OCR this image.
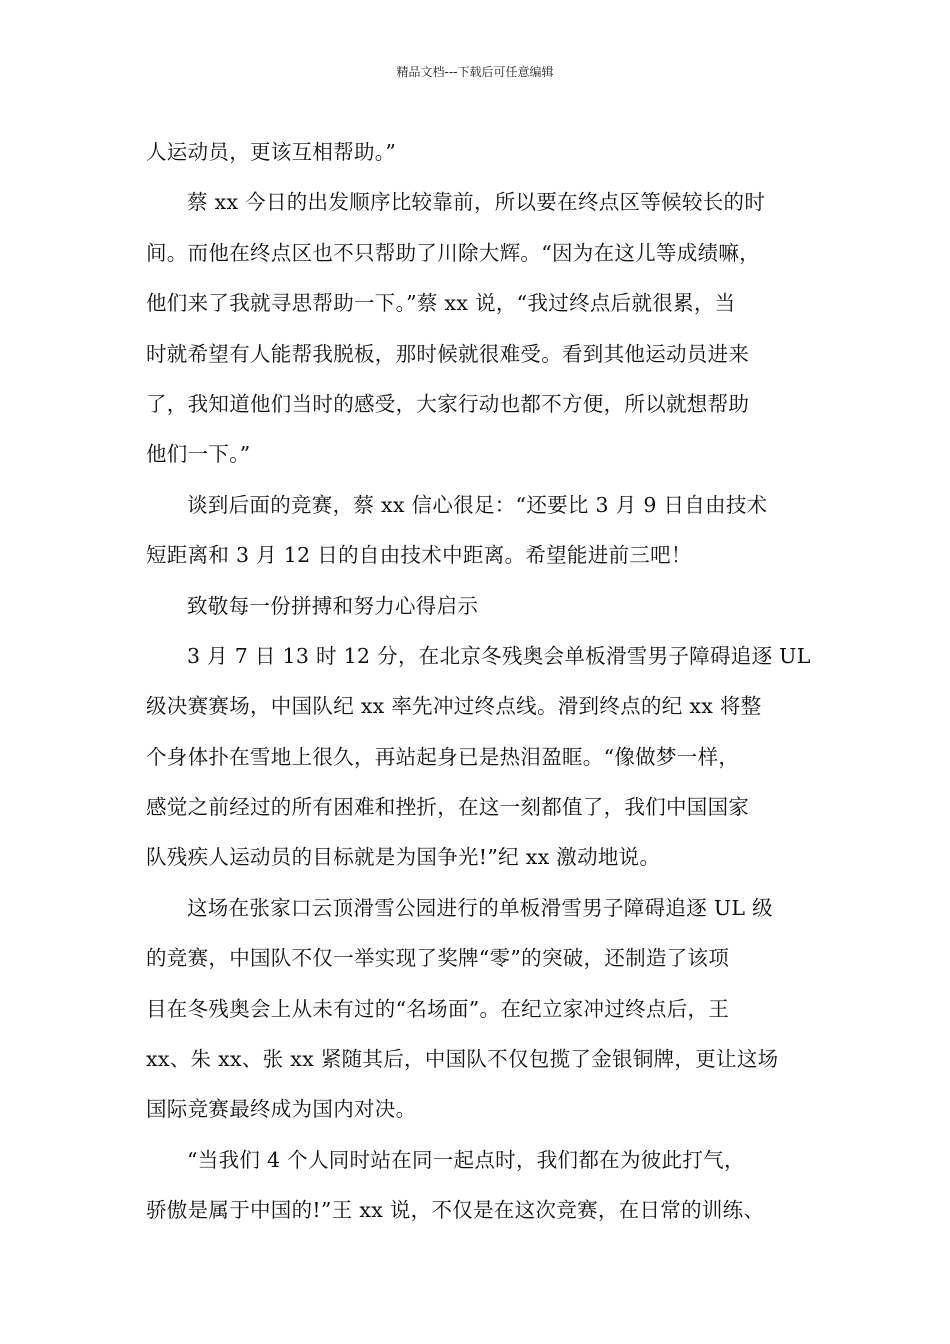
精品文档---下载后可任意编辑
人运动员，更该互相帮助。”
蔡 xx 今日的出发顺序比较靠前，所以要在终点区等候较长的时
间。而他在终点区也不只帮助了川除大辉。“因为在这儿等成绩嘛，
他们来了我就寻思帮助一下。”蔡 xx 说，“我过终点后就很累，当
时就希望有人能帮我脱板，那时候就很难受。看到其他运动员进来
了，我知道他们当时的感受，大家行动也都不方便，所以就想帮助
他们一下。”
谈到后面的竞赛，蔡 xx 信心很足：“还要比 3 月 9 日自由技术
短距离和 3 月 12 日的自由技术中距离。希望能进前三吧！
致敬每一份拼搏和努力心得启示
3 月 7 日 13 时 12 分，在北京冬残奥会单板滑雪男子障碍追逐 UL
级决赛赛场，中国队纪 xx 率先冲过终点线。滑到终点的纪 xx 将整
个身体扑在雪地上很久，再站起身已是热泪盈眶。“像做梦一样，
感觉之前经过的所有困难和挫折，在这一刻都值了，我们中国国家
队残疾人运动员的目标就是为国争光!”纪 xx 激动地说。
这场在张家口云顶滑雪公园进行的单板滑雪男子障碍追逐 UL 级
的竞赛，中国队不仅一举实现了奖牌“零”的突破，还制造了该项
目在冬残奥会上从未有过的“名场面”。在纪立家冲过终点后，王
xx、朱 xx、张 xx 紧随其后，中国队不仅包揽了金银铜牌，更让这场
国际竞赛最终成为国内对决。
“当我们 4 个人同时站在同一起点时，我们都在为彼此打气，
骄傲是属于中国的!”王 xx 说，不仅是在这次竞赛，在日常的训练、
